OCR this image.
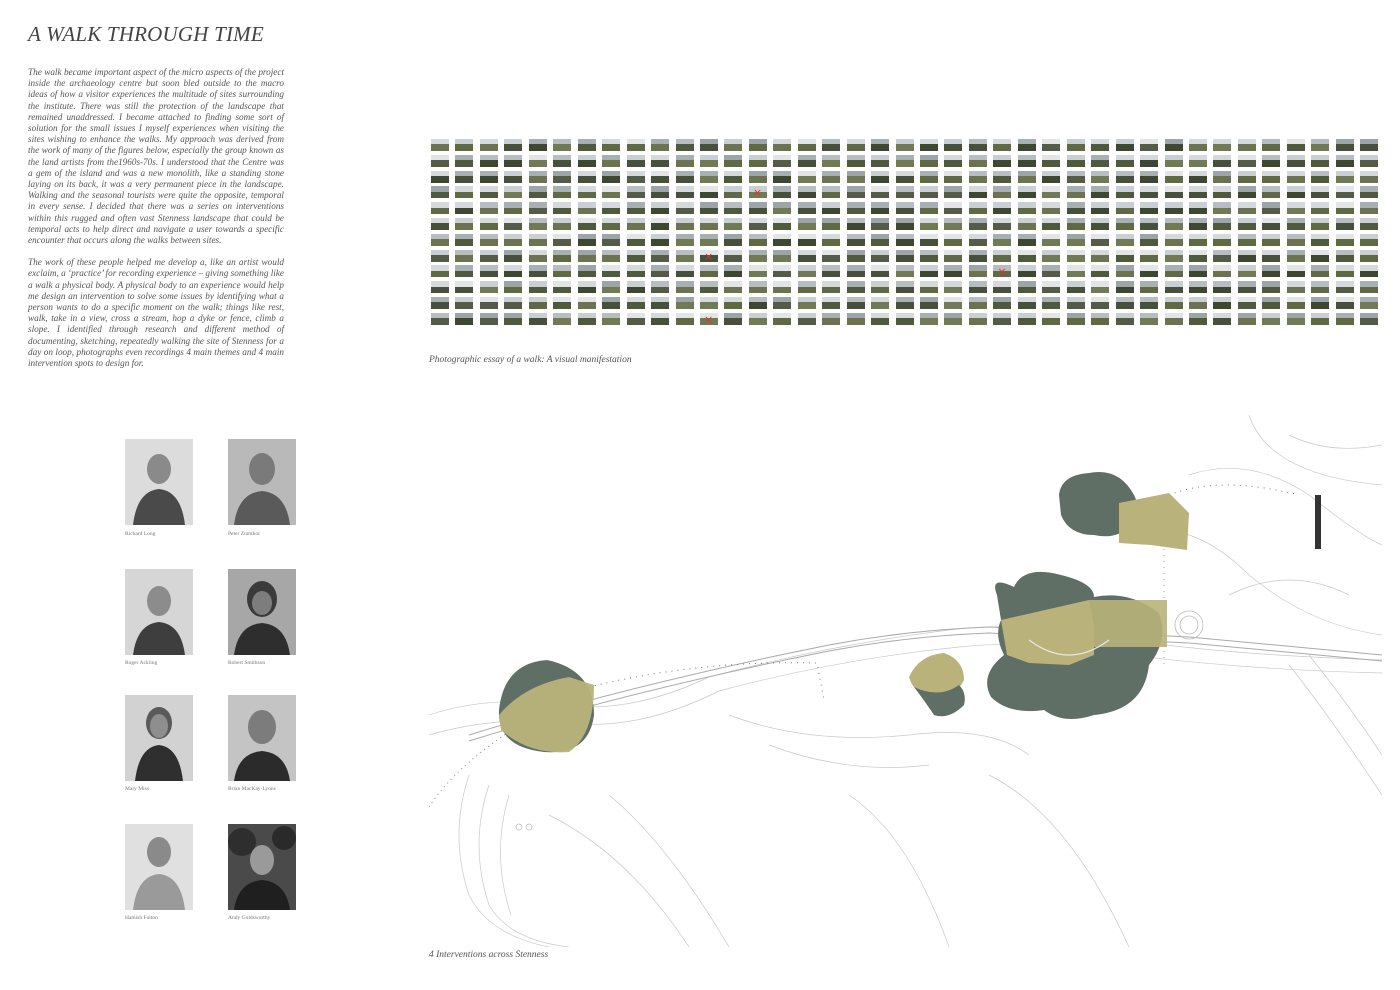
A WALK THROUGH TIME

The walk became important aspect of the micro aspects of the project inside the archaeology centre but soon bled outside to the macro ideas of how a visitor experiences the multitude of sites surrounding the institute. There was still the protection of the landscape that remained unaddressed. I became attached to finding some sort of solution for the small issues I myself experiences when visiting the sites wishing to enhance the walks. My approach was derived from the work of many of the figures below, especially the group known as the land artists from the1960s-70s. I understood that the Centre was a gem of the island and was a new monolith, like a standing stone laying on its back, it was a very permanent piece in the landscape. Walking and the seasonal tourists were quite the opposite, temporal in every sense. I decided that there was a series on interventions within this rugged and often vast Stenness landscape that could be temporal acts to help direct and navigate a user towards a specific encounter that occurs along the walks between sites.

The work of these people helped me develop a, like an artist would exclaim, a ‘practice’ for recording experience – giving something like a walk a physical body. A physical body to an experience would help me design an intervention to solve some issues by identifying what a person wants to do a specific moment on the walk; things like rest, walk, take in a view, cross a stream, hop a dyke or fence, climb a slope. I identified through research and different method of documenting, sketching, repeatedly walking the site of Stenness for a day on loop, photographs even recordings 4 main themes and 4 main intervention spots to design for.

×
×
×
×
Photographic essay of a walk: A visual manifestation
Richard Long	Peter Zumthor
Roger Ackling	Robert Smithson
Mary Miss	Brian MacKay-Lyons
Hamish Fulton	Andy Goldsworthy
4 Interventions across Stenness
